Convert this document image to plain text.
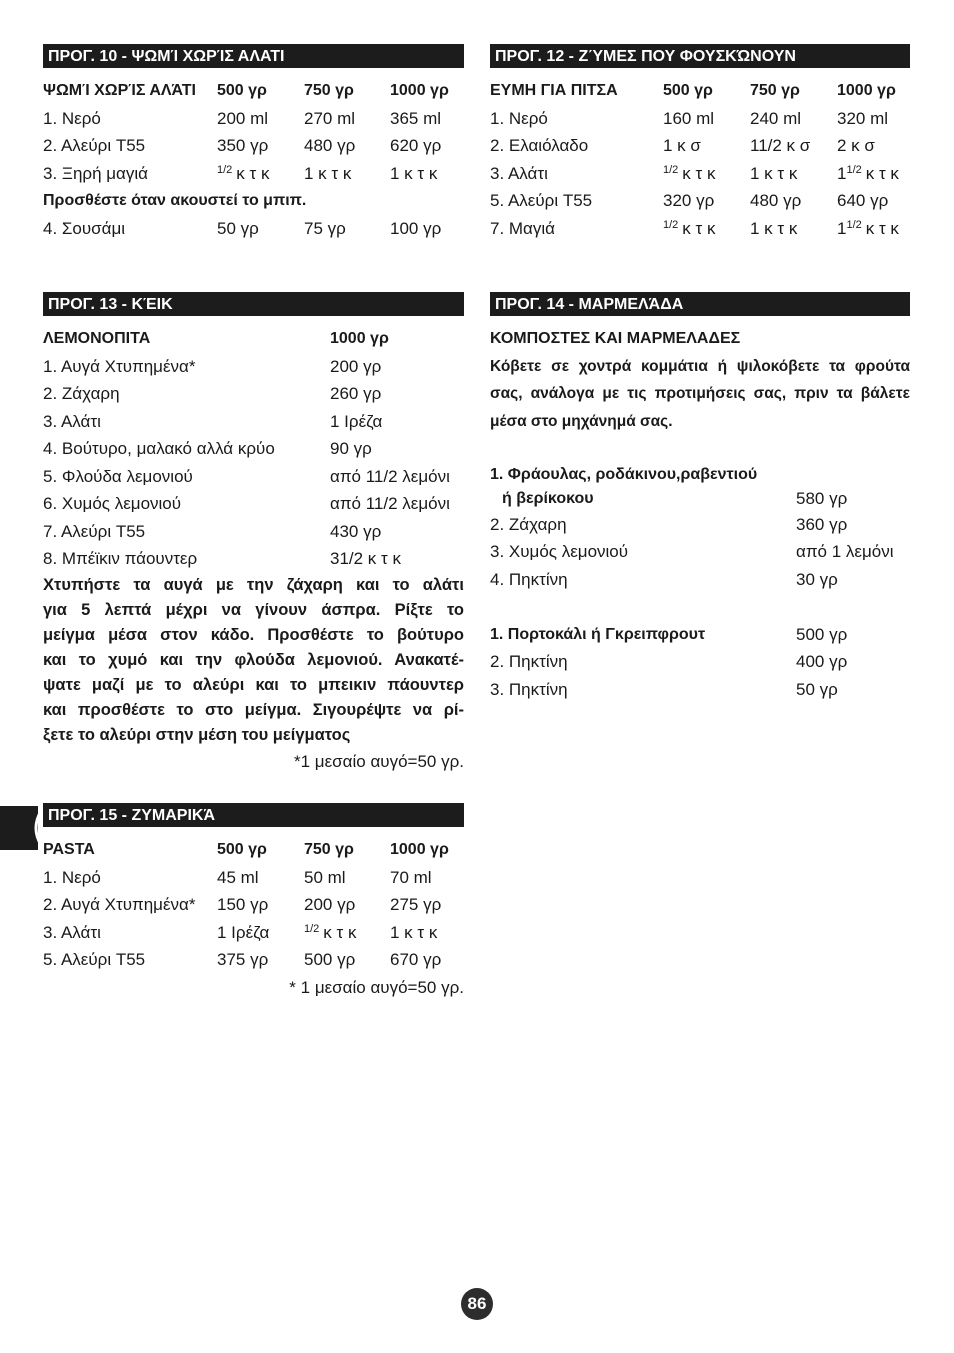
ΠΡΟΓ. 10 - ΨΩΜΊ ΧΩΡΊΣ ΑΛΑΤΙ
ΨΩΜΊ ΧΩΡΊΣ ΑΛΆΤΙ	500 γρ	750 γρ	1000 γρ
1. Νερό	200 ml	270 ml	365 ml
2. Αλεύρι T55	350 γρ	480 γρ	620 γρ
3. Ξηρή μαγιά	$^{1/2}$ κ τ κ	1 κ τ κ	1 κ τ κ
Προσθέστε όταν ακουστεί το μπιπ.
4. Σουσάμι	50 γρ	75 γρ	100 γρ
ΠΡΟΓ. 12 - ΖΎΜΕΣ ΠΟΥ ΦΟΥΣΚΏΝΟΥΝ
ΕΥΜΗ ΓΙΑ ΠΙΤΣΑ	500 γρ	750 γρ	1000 γρ
1. Νερό	160 ml	240 ml	320 ml
2. Ελαιόλαδο	1 κ σ	11/2 κ σ	2 κ σ
3. Αλάτι	$^{1/2}$ κ τ κ	1 κ τ κ	$1^{1/2}$ κ τ κ
5. Αλεύρι T55	320 γρ	480 γρ	640 γρ
7. Μαγιά	$^{1/2}$ κ τ κ	1 κ τ κ	$1^{1/2}$ κ τ κ
ΠΡΟΓ. 13 - ΚΈΙΚ
ΛΕΜΟΝΟΠΙΤΑ	1000 γρ
1. Αυγά Χτυπημένα*	200 γρ
2. Ζάχαρη	260 γρ
3. Αλάτι	1 Ιρέζα
4. Βούτυρο, μαλακό αλλά κρύο	90 γρ
5. Φλούδα λεμονιού	από 11/2 λεμόνι
6. Χυμός λεμονιού	από 11/2 λεμόνι
7. Αλεύρι T55	430 γρ
8. Μπέϊκιν πάουντερ	31/2 κ τ κ
Χτυπήστε τα αυγά με την ζάχαρη και το αλάτι
για 5 λεπτά μέχρι να γίνουν άσπρα. Ρίξτε το
μείγμα μέσα στον κάδο. Προσθέστε το βούτυρο
και το χυμό και την φλούδα λεμονιού. Ανακατέ-
ψατε μαζί με το αλεύρι και το μπεικιν πάουντερ
και προσθέστε το στο μείγμα. Σιγουρέψτε να ρί-
ξετε το αλεύρι στην μέση του μείγματος
*1 μεσαίο αυγό=50 γρ.
ΠΡΟΓ. 14 - ΜΑΡΜΕΛΆΔΑ
ΚΟΜΠΟΣΤΕΣ ΚΑΙ ΜΑΡΜΕΛΑΔΕΣ
Κόβετε σε χοντρά κομμάτια ή ψιλοκόβετε τα φρούτα
σας, ανάλογα με τις προτιμήσεις σας, πριν τα βάλετε
μέσα στο μηχάνημά σας.
1. Φράουλας, ροδάκινου,ραβεντιού
ή βερίκοκου	580 γρ
2. Ζάχαρη	360 γρ
3. Χυμός λεμονιού	από 1 λεμόνι
4. Πηκτίνη	30 γρ
1. Πορτοκάλι ή Γκρειπφρουτ	500 γρ
2. Πηκτίνη	400 γρ
3. Πηκτίνη	50 γρ
ΠΡΟΓ. 15 - ΖΥΜΑΡΙΚΆ
PASTA	500 γρ	750 γρ	1000 γρ
1. Νερό	45 ml	50 ml	70 ml
2. Αυγά Χτυπημένα*	150 γρ	200 γρ	275 γρ
3. Αλάτι	1 Ιρέζα	$^{1/2}$ κ τ κ	1 κ τ κ
5. Αλεύρι T55	375 γρ	500 γρ	670 γρ
* 1 μεσαίο αυγό=50 γρ.
86
